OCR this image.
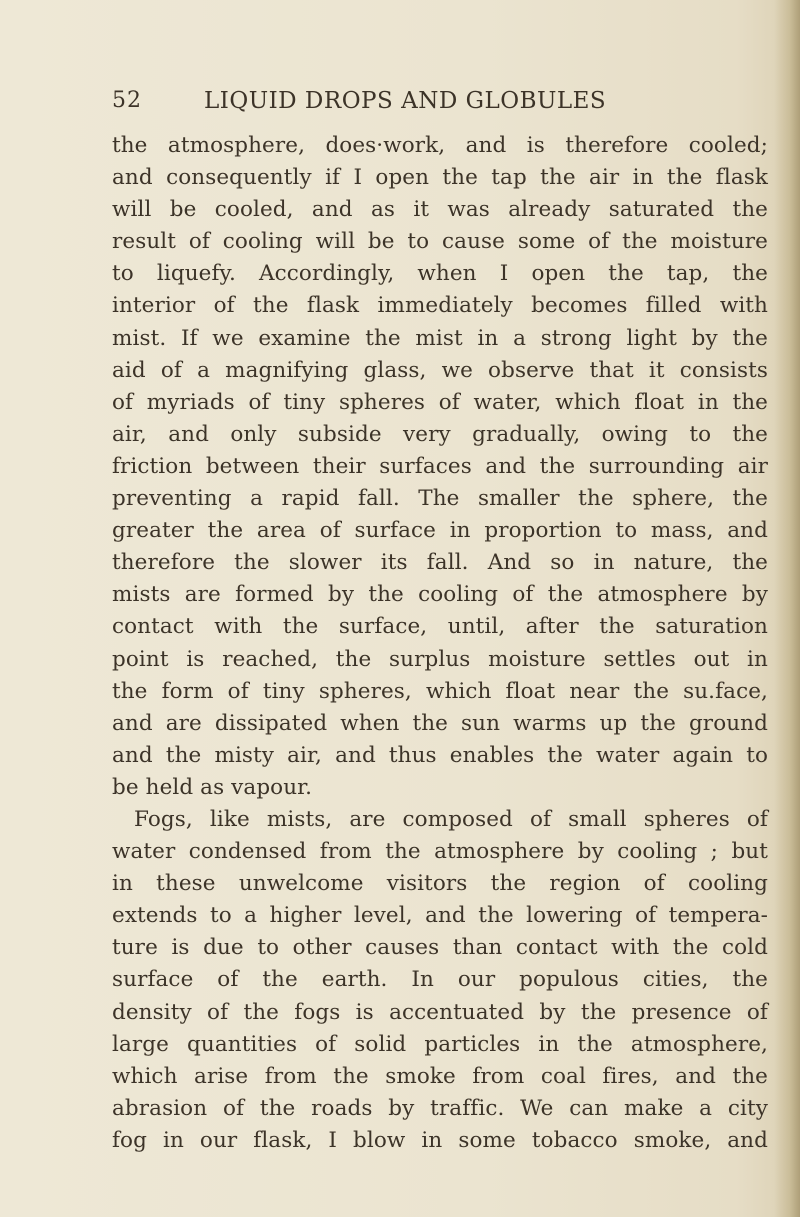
52	LIQUID DROPS AND GLOBULES
the atmosphere, does·work, and is therefore cooled;
and consequently if I open the tap the air in the flask
will be cooled, and as it was already saturated the
result of cooling will be to cause some of the moisture
to liquefy. Accordingly, when I open the tap, the
interior of the flask immediately becomes filled with
mist. If we examine the mist in a strong light by the
aid of a magnifying glass, we observe that it consists
of myriads of tiny spheres of water, which float in the
air, and only subside very gradually, owing to the
friction between their surfaces and the surrounding air
preventing a rapid fall. The smaller the sphere, the
greater the area of surface in proportion to mass, and
therefore the slower its fall. And so in nature, the
mists are formed by the cooling of the atmosphere by
contact with the surface, until, after the saturation
point is reached, the surplus moisture settles out in
the form of tiny spheres, which float near the su.face,
and are dissipated when the sun warms up the ground
and the misty air, and thus enables the water again to
be held as vapour.
Fogs, like mists, are composed of small spheres of
water condensed from the atmosphere by cooling ; but
in these unwelcome visitors the region of cooling
extends to a higher level, and the lowering of tempera-
ture is due to other causes than contact with the cold
surface of the earth. In our populous cities, the
density of the fogs is accentuated by the presence of
large quantities of solid particles in the atmosphere,
which arise from the smoke from coal fires, and the
abrasion of the roads by traffic. We can make a city
fog in our flask, I blow in some tobacco smoke, and
